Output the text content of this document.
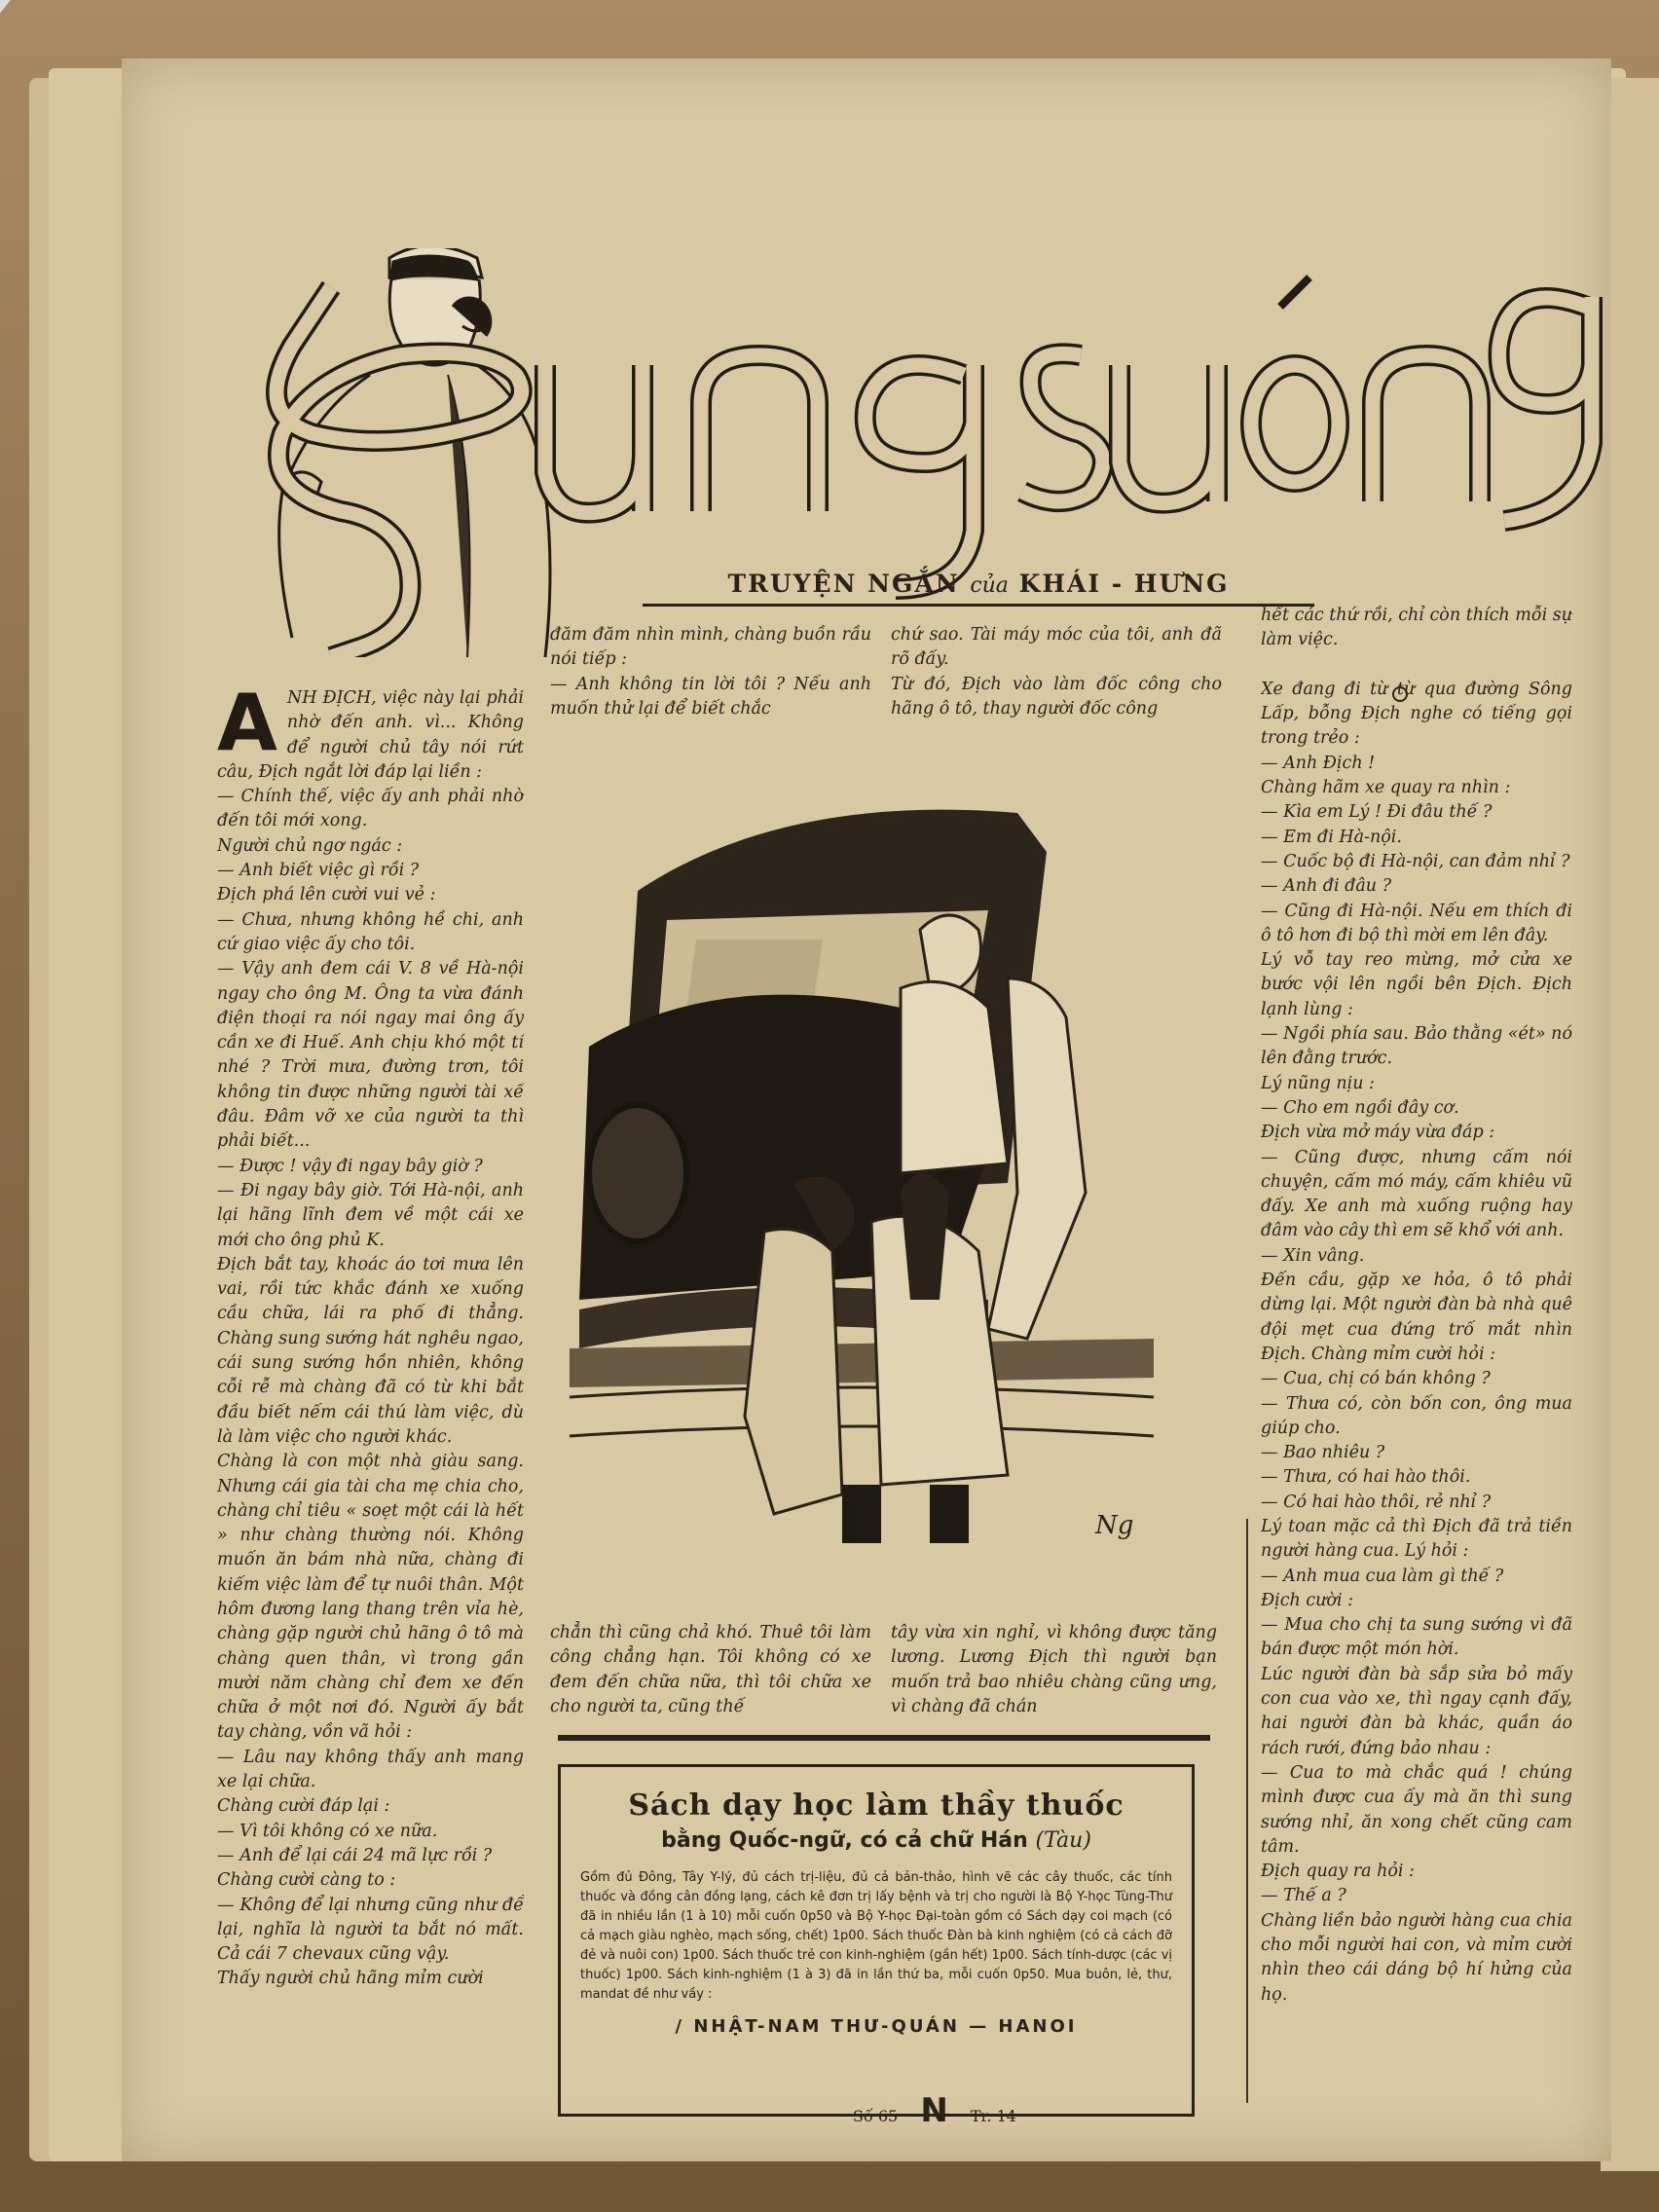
TRUYỆN NGẮN của KHÁI - HƯNG
A NH ĐỊCH, việc này lại phải nhờ đến anh. vì... Không để người chủ tây nói rứt câu, Địch ngắt lời đáp lại liền :
— Chính thế, việc ấy anh phải nhờ đến tôi mới xong.
Người chủ ngơ ngác :
— Anh biết việc gì rồi ?
Địch phá lên cười vui vẻ :
— Chưa, nhưng không hề chi, anh cứ giao việc ấy cho tôi.
— Vậy anh đem cái V. 8 về Hà-nội ngay cho ông M. Ông ta vừa đánh điện thoại ra nói ngay mai ông ấy cần xe đi Huế. Anh chịu khó một tí nhé ? Trời mưa, đường trơn, tôi không tin được những người tài xế đâu. Đâm vỡ xe của người ta thì phải biết...
— Được ! vậy đi ngay bây giờ ?
— Đi ngay bây giờ. Tới Hà-nội, anh lại hãng lĩnh đem về một cái xe mới cho ông phủ K.
Địch bắt tay, khoác áo tơi mưa lên vai, rồi tức khắc đánh xe xuống cầu chữa, lái ra phố đi thẳng. Chàng sung sướng hát nghêu ngao, cái sung sướng hồn nhiên, không cỗi rễ mà chàng đã có từ khi bắt đầu biết nếm cái thú làm việc, dù là làm việc cho người khác.
Chàng là con một nhà giàu sang. Nhưng cái gia tài cha mẹ chia cho, chàng chỉ tiêu « soẹt một cái là hết » như chàng thường nói. Không muốn ăn bám nhà nữa, chàng đi kiếm việc làm để tự nuôi thân. Một hôm đương lang thang trên vỉa hè, chàng gặp người chủ hãng ô tô mà chàng quen thân, vì trong gần mười năm chàng chỉ đem xe đến chữa ở một nơi đó. Người ấy bắt tay chàng, vồn vã hỏi :
— Lâu nay không thấy anh mang xe lại chữa.
Chàng cười đáp lại :
— Vì tôi không có xe nữa.
— Anh để lại cái 24 mã lực rồi ?
Chàng cười càng to :
— Không để lại nhưng cũng như để lại, nghĩa là người ta bắt nó mất. Cả cái 7 chevaux cũng vậy.
Thấy người chủ hãng mỉm cười
đăm đăm nhìn mình, chàng buồn rầu nói tiếp :
— Anh không tin lời tôi ? Nếu anh muốn thử lại để biết chắc
chứ sao. Tài máy móc của tôi, anh đã rõ đấy.
Từ đó, Địch vào làm đốc công cho hãng ô tô, thay người đốc công
Ng
chẳn thì cũng chả khó. Thuê tôi làm công chẳng hạn. Tôi không có xe đem đến chữa nữa, thì tôi chữa xe cho người ta, cũng thế
tây vừa xin nghỉ, vì không được tăng lương. Lương Địch thì người bạn muốn trả bao nhiêu chàng cũng ưng, vì chàng đã chán
hết các thứ rồi, chỉ còn thích mỗi sự làm việc.

Xe đang đi từ từ qua đường Sông Lấp, bỗng Địch nghe có tiếng gọi trong trẻo :
— Anh Địch !
Chàng hãm xe quay ra nhìn :
— Kìa em Lý ! Đi đâu thế ?
— Em đi Hà-nội.
— Cuốc bộ đi Hà-nội, can đảm nhỉ ?
— Anh đi đâu ?
— Cũng đi Hà-nội. Nếu em thích đi ô tô hơn đi bộ thì mời em lên đây.
Lý vỗ tay reo mừng, mở cửa xe bước vội lên ngồi bên Địch. Địch lạnh lùng :
— Ngồi phía sau. Bảo thằng «ét» nó lên đằng trước.
Lý nũng nịu :
— Cho em ngồi đây cơ.
Địch vừa mở máy vừa đáp :
— Cũng được, nhưng cấm nói chuyện, cấm mó máy, cấm khiêu vũ đấy. Xe anh mà xuống ruộng hay đâm vào cây thì em sẽ khổ với anh.
— Xin vâng.
Đến cầu, gặp xe hỏa, ô tô phải dừng lại. Một người đàn bà nhà quê đội mẹt cua đứng trố mắt nhìn Địch. Chàng mỉm cười hỏi :
— Cua, chị có bán không ?
— Thưa có, còn bốn con, ông mua giúp cho.
— Bao nhiêu ?
— Thưa, có hai hào thôi.
— Có hai hào thôi, rẻ nhỉ ?
Lý toan mặc cả thì Địch đã trả tiền người hàng cua. Lý hỏi :
— Anh mua cua làm gì thế ?
Địch cười :
— Mua cho chị ta sung sướng vì đã bán được một món hời.
Lúc người đàn bà sắp sửa bỏ mấy con cua vào xe, thì ngay cạnh đấy, hai người đàn bà khác, quần áo rách rưới, đứng bảo nhau :
— Cua to mà chắc quá ! chúng mình được cua ấy mà ăn thì sung sướng nhỉ, ăn xong chết cũng cam tâm.
Địch quay ra hỏi :
— Thế a ?
Chàng liền bảo người hàng cua chia cho mỗi người hai con, và mỉm cười nhìn theo cái dáng bộ hí hửng của họ.
Sách dạy học làm thầy thuốc
bằng Quốc-ngữ, có cả chữ Hán (Tàu)
Gồm đủ Đông, Tây Y-lý, đủ cách trị-liệu, đủ cả bản-thảo, hình vẽ các cây thuốc, các tính thuốc và đồng cân đồng lạng, cách kê đơn trị lấy bệnh và trị cho người là Bộ Y-học Tùng-Thư đã in nhiều lần (1 à 10) mỗi cuốn 0p50 và Bộ Y-học Đại-toàn gồm có Sách dạy coi mạch (có cả mạch giàu nghèo, mạch sống, chết) 1p00. Sách thuốc Đàn bà kinh nghiệm (có cả cách đỡ đẻ và nuôi con) 1p00. Sách thuốc trẻ con kinh-nghiệm (gần hết) 1p00. Sách tính-dược (các vị thuốc) 1p00. Sách kinh-nghiệm (1 à 3) đã in lần thứ ba, mỗi cuốn 0p50. Mua buôn, lẻ, thư, mandat đề như vầy :
/ NHẬT-NAM THƯ-QUÁN — HANOI
Số 65 N Tr. 14
